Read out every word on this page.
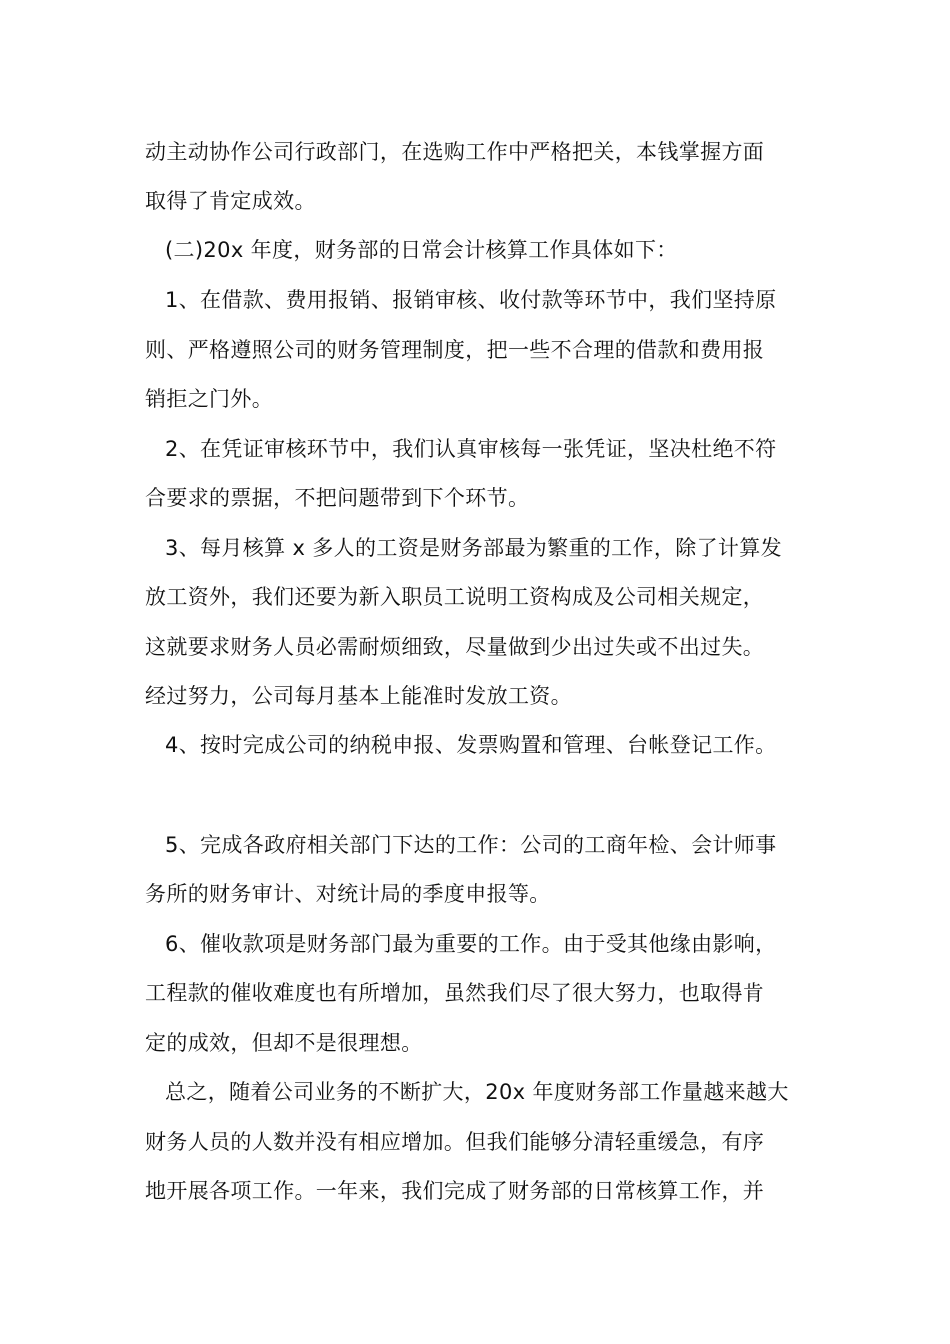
动主动协作公司行政部门，在选购工作中严格把关，本钱掌握方面
取得了肯定成效。
(二)20x 年度，财务部的日常会计核算工作具体如下：
1、在借款、费用报销、报销审核、收付款等环节中，我们坚持原
则、严格遵照公司的财务管理制度，把一些不合理的借款和费用报
销拒之门外。
2、在凭证审核环节中，我们认真审核每一张凭证，坚决杜绝不符
合要求的票据，不把问题带到下个环节。
3、每月核算 x 多人的工资是财务部最为繁重的工作，除了计算发
放工资外，我们还要为新入职员工说明工资构成及公司相关规定，
这就要求财务人员必需耐烦细致，尽量做到少出过失或不出过失。
经过努力，公司每月基本上能准时发放工资。
4、按时完成公司的纳税申报、发票购置和管理、台帐登记工作。
5、完成各政府相关部门下达的工作：公司的工商年检、会计师事
务所的财务审计、对统计局的季度申报等。
6、催收款项是财务部门最为重要的工作。由于受其他缘由影响，
工程款的催收难度也有所增加，虽然我们尽了很大努力，也取得肯
定的成效，但却不是很理想。
总之，随着公司业务的不断扩大，20x 年度财务部工作量越来越大
财务人员的人数并没有相应增加。但我们能够分清轻重缓急，有序
地开展各项工作。一年来，我们完成了财务部的日常核算工作，并
